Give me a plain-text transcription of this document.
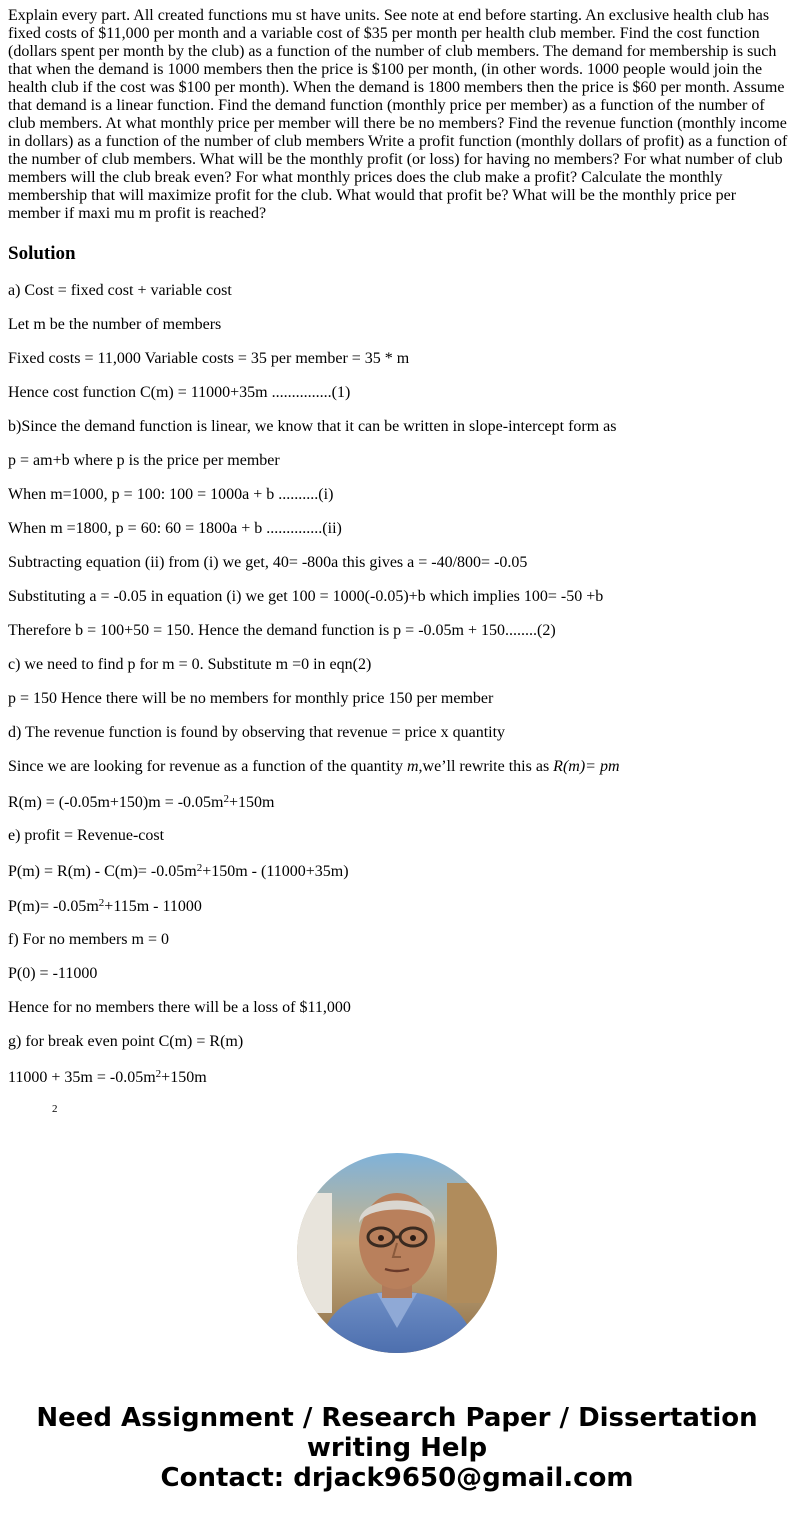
Explain every part. All created functions mu st have units. See note at end before starting. An exclusive health club has fixed costs of $11,000 per month and a variable cost of $35 per month per health club member. Find the cost function (dollars spent per month by the club) as a function of the number of club members. The demand for membership is such that when the demand is 1000 members then the price is $100 per month, (in other words. 1000 people would join the health club if the cost was $100 per month). When the demand is 1800 members then the price is $60 per month. Assume that demand is a linear function. Find the demand function (monthly price per member) as a function of the number of club members. At what monthly price per member will there be no members? Find the revenue function (monthly income in dollars) as a function of the number of club members Write a profit function (monthly dollars of profit) as a function of the number of club members. What will be the monthly profit (or loss) for having no members? For what number of club members will the club break even? For what monthly prices does the club make a profit? Calculate the monthly membership that will maximize profit for the club. What would that profit be? What will be the monthly price per member if maxi mu m profit is reached?

Solution

a) Cost = fixed cost + variable cost

Let m be the number of members

Fixed costs = 11,000 Variable costs = 35 per member = 35 * m

Hence cost function C(m) = 11000+35m ...............(1)

b)Since the demand function is linear, we know that it can be written in slope-intercept form as

p = am+b where p is the price per member

When m=1000, p = 100: 100 = 1000a + b ..........(i)

When m =1800, p = 60: 60 = 1800a + b ..............(ii)

Subtracting equation (ii) from (i) we get, 40= -800a this gives a = -40/800= -0.05

Substituting a = -0.05 in equation (i) we get 100 = 1000(-0.05)+b which implies 100= -50 +b

Therefore b = 100+50 = 150. Hence the demand function is p = -0.05m + 150........(2)

c) we need to find p for m = 0. Substitute m =0 in eqn(2)

p = 150 Hence there will be no members for monthly price 150 per member

d) The revenue function is found by observing that revenue = price x quantity

Since we are looking for revenue as a function of the quantity m,we’ll rewrite this as R(m)= pm

$R(m) = (-0.05m+150)m = -0.05m^2+150m$

e) profit = Revenue-cost

$P(m) = R(m) - C(m)= -0.05m^2+150m - (11000+35m)$

$P(m)= -0.05m^2+115m - 11000$

f) For no members m = 0

P(0) = -11000

Hence for no members there will be a loss of $11,000

g) for break even point C(m) = R(m)

$11000 + 35m = -0.05m^2+150m$

$^2$

Need Assignment / Research Paper / Dissertation
writing Help
Contact: drjack9650@gmail.com
